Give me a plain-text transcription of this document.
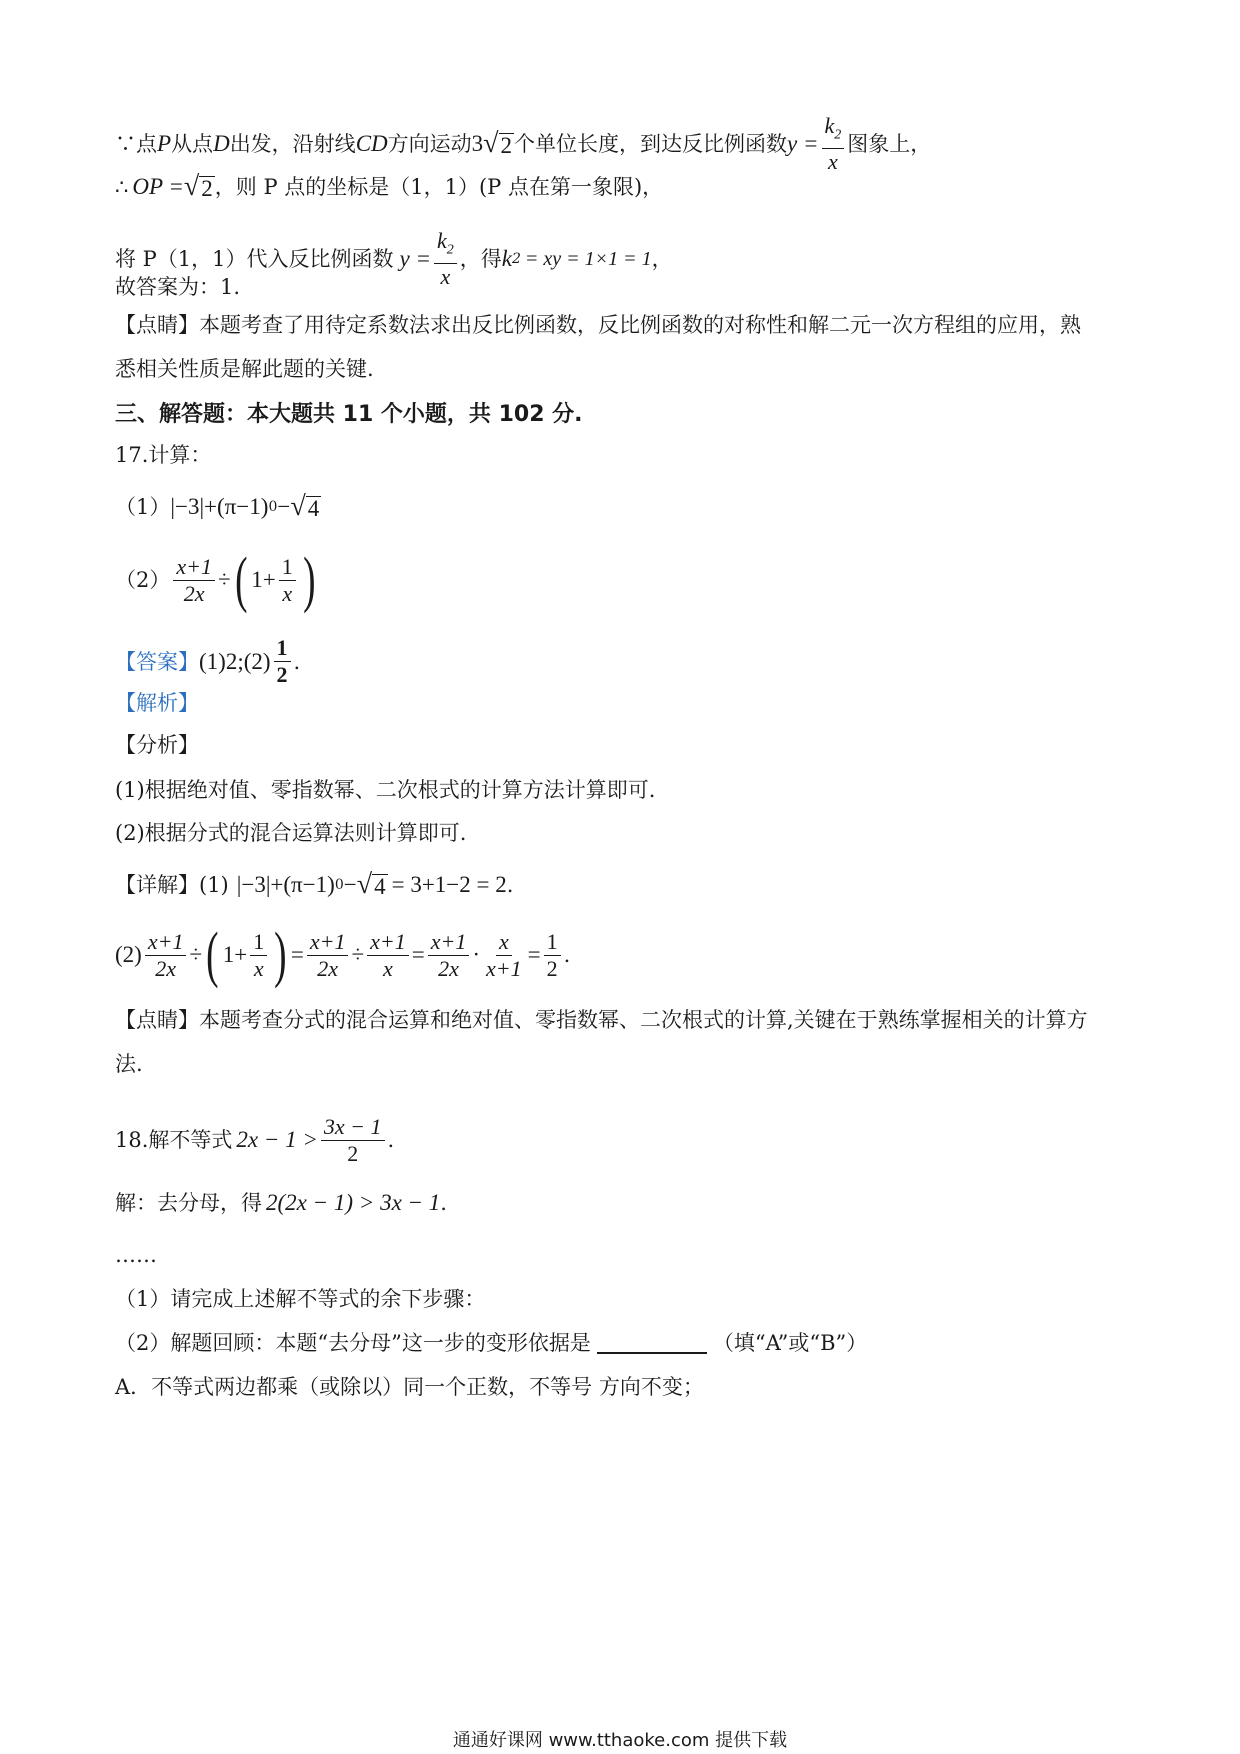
∵点 P 从点 D 出发，沿射线 CD 方向运动 3 √ 2 个单位长度，到达反比例函数 $y = \frac{k_2}{x}$ 图象上，
∴ OP = √ 2 ，则 P 点的坐标是（1，1）(P 点在第一象限)，
将 P（1，1）代入反比例函数 $y = \frac{k_2}{x}$ ，得 k 2 = xy = 1×1 = 1 ，
故答案为：1.
【点睛】本题考查了用待定系数法求出反比例函数，反比例函数的对称性和解二元一次方程组的应用，熟
悉相关性质是解此题的关键.
三、解答题：本大题共 11 个小题，共 102 分.
17.计算：
（1） |−3|+(π−1) 0 − √ 4
$(2) \frac{x+1}{2x}$ ÷ ( $1+ \frac{1}{x}$ )
【答案】 (1)2;(2) $\frac{1}{2}$ .
【解析】
【分析】
(1)根据绝对值、零指数幂、二次根式的计算方法计算即可.
(2)根据分式的混合运算法则计算即可.
【详解】(1) |−3|+(π−1) 0 − √ 4 = 3+1−2 = 2 .
$(2) \frac{x+1}{2x}$ ÷ ( $1+ \frac{1}{x}$ ) = $\frac{x+1}{2x} \div \frac{x+1}{x} = \frac{x+1}{2x} \cdot \frac{x}{x+1} = \frac{1}{2}$ .
【点睛】本题考查分式的混合运算和绝对值、零指数幂、二次根式的计算,关键在于熟练掌握相关的计算方
法.
18.解不等式 $2x - 1 > \frac{3x - 1}{2}$ .
解：去分母，得 2(2x − 1) > 3x − 1 .
……
（1）请完成上述解不等式的余下步骤：
（2）解题回顾：本题“去分母”这一步的变形依据是	（填“A”或“B”）
A．不等式两边都乘（或除以）同一个正数，不等号 方向不变；
通通好课网 www.tthaoke.com 提供下载
